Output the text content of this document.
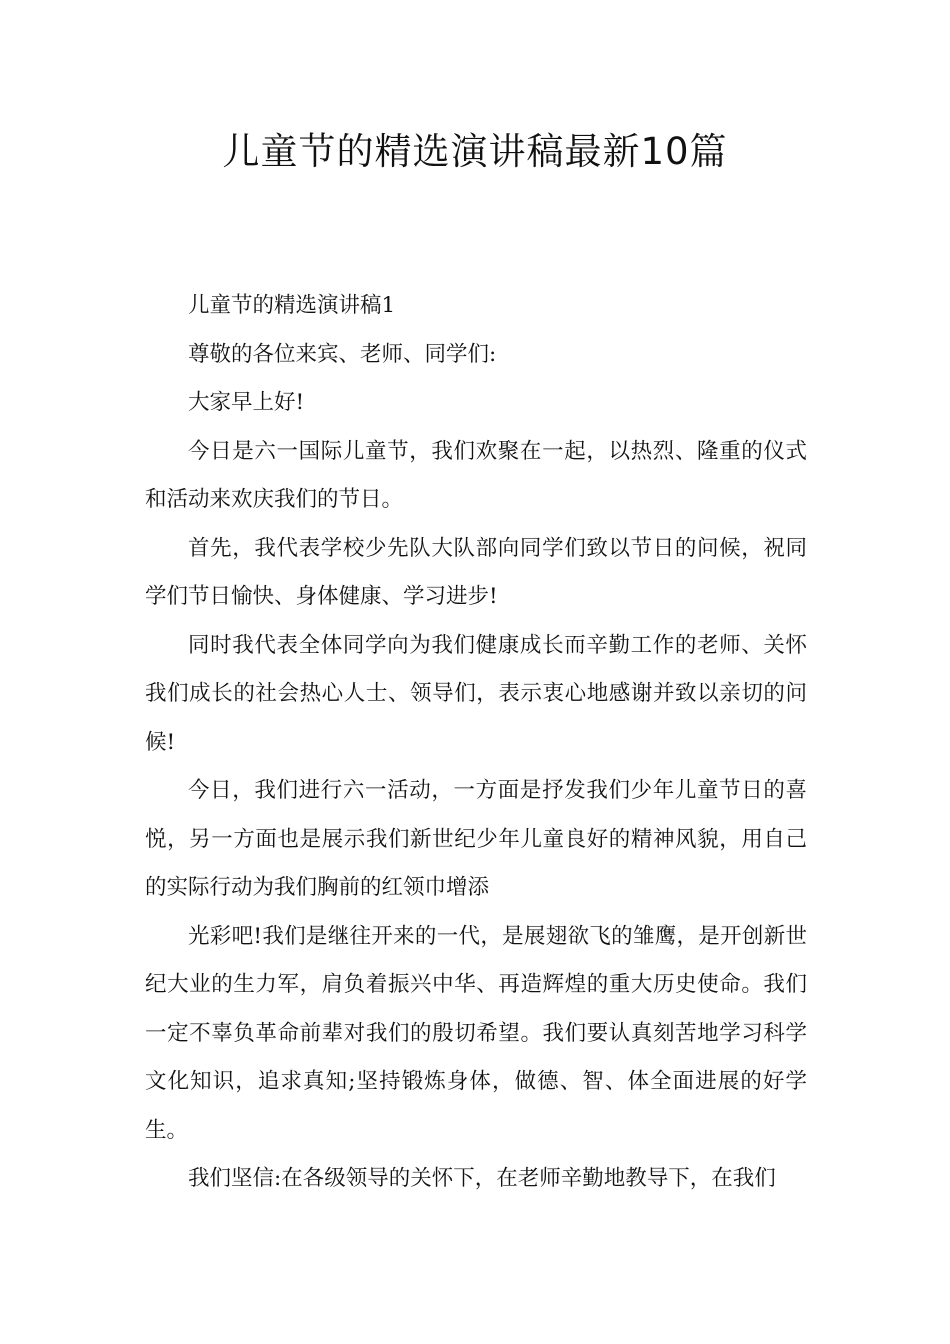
儿童节的精选演讲稿最新10篇

儿童节的精选演讲稿1

尊敬的各位来宾、老师、同学们:

大家早上好!

今日是六一国际儿童节，我们欢聚在一起，以热烈、隆重的仪式和活动来欢庆我们的节日。

首先，我代表学校少先队大队部向同学们致以节日的问候，祝同学们节日愉快、身体健康、学习进步!

同时我代表全体同学向为我们健康成长而辛勤工作的老师、关怀我们成长的社会热心人士、领导们，表示衷心地感谢并致以亲切的问候!

今日，我们进行六一活动，一方面是抒发我们少年儿童节日的喜悦，另一方面也是展示我们新世纪少年儿童良好的精神风貌，用自己的实际行动为我们胸前的红领巾增添

光彩吧!我们是继往开来的一代，是展翅欲飞的雏鹰，是开创新世纪大业的生力军，肩负着振兴中华、再造辉煌的重大历史使命。我们一定不辜负革命前辈对我们的殷切希望。我们要认真刻苦地学习科学文化知识，追求真知;坚持锻炼身体，做德、智、体全面进展的好学生。

我们坚信:在各级领导的关怀下，在老师辛勤地教导下，在我们
